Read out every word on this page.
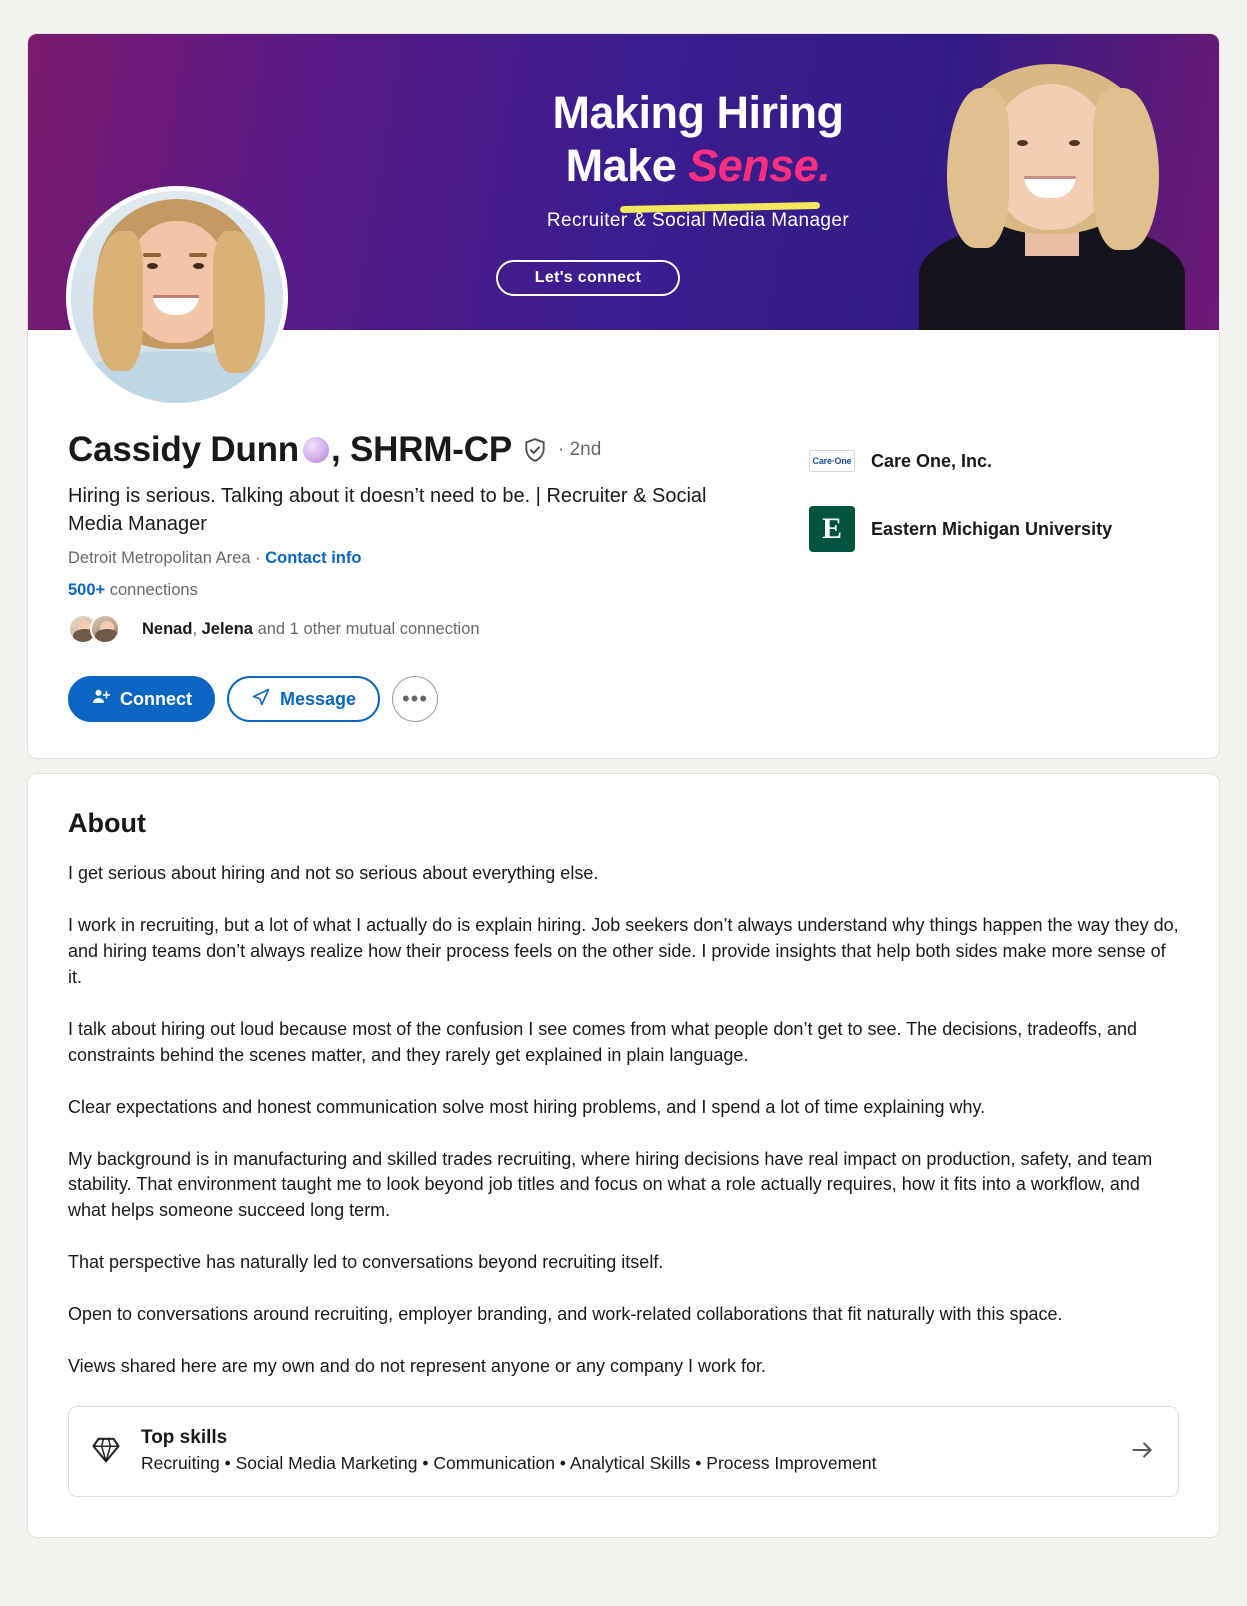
Making Hiring
Make Sense.
Recruiter & Social Media Manager
Let's connect
Cassidy Dunn , SHRM-CP · 2nd
Hiring is serious. Talking about it doesn’t need to be. | Recruiter & Social Media Manager
Detroit Metropolitan Area · Contact info
500+ connections
Nenad, Jelena and 1 other mutual connection
Care·One Care One, Inc.
E	Eastern Michigan University
Connect	Message	•••
About

I get serious about hiring and not so serious about everything else.

I work in recruiting, but a lot of what I actually do is explain hiring. Job seekers don’t always understand why things happen the way they do, and hiring teams don’t always realize how their process feels on the other side. I provide insights that help both sides make more sense of it.

I talk about hiring out loud because most of the confusion I see comes from what people don’t get to see. The decisions, tradeoffs, and constraints behind the scenes matter, and they rarely get explained in plain language.

Clear expectations and honest communication solve most hiring problems, and I spend a lot of time explaining why.

My background is in manufacturing and skilled trades recruiting, where hiring decisions have real impact on production, safety, and team stability. That environment taught me to look beyond job titles and focus on what a role actually requires, how it fits into a workflow, and what helps someone succeed long term.

That perspective has naturally led to conversations beyond recruiting itself.

Open to conversations around recruiting, employer branding, and work-related collaborations that fit naturally with this space.

Views shared here are my own and do not represent anyone or any company I work for.

Top skills
Recruiting • Social Media Marketing • Communication • Analytical Skills • Process Improvement
